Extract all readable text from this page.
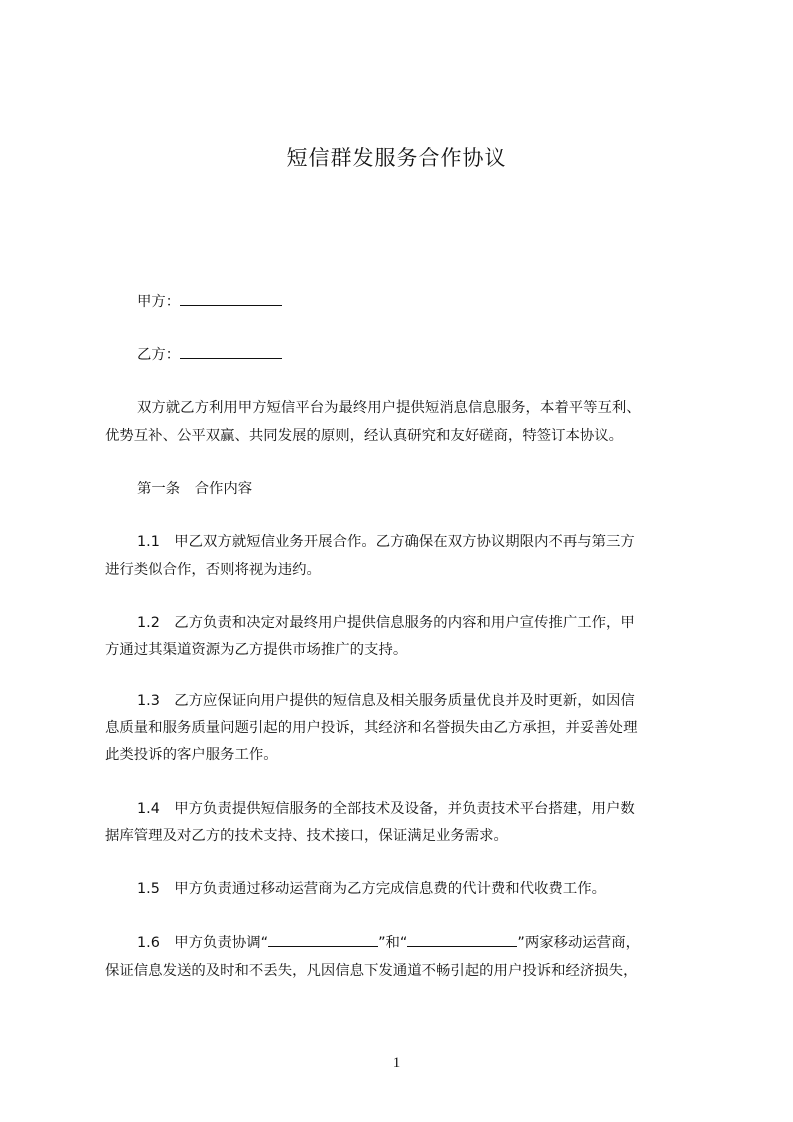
短信群发服务合作协议
甲方：
乙方：
双方就乙方利用甲方短信平台为最终用户提供短消息信息服务，本着平等互利、
优势互补、公平双赢、共同发展的原则，经认真研究和友好磋商，特签订本协议。
第一条　合作内容
1.1　甲乙双方就短信业务开展合作。乙方确保在双方协议期限内不再与第三方
进行类似合作，否则将视为违约。
1.2　乙方负责和决定对最终用户提供信息服务的内容和用户宣传推广工作，甲
方通过其渠道资源为乙方提供市场推广的支持。
1.3　乙方应保证向用户提供的短信息及相关服务质量优良并及时更新，如因信
息质量和服务质量问题引起的用户投诉，其经济和名誉损失由乙方承担，并妥善处理
此类投诉的客户服务工作。
1.4　甲方负责提供短信服务的全部技术及设备，并负责技术平台搭建，用户数
据库管理及对乙方的技术支持、技术接口，保证满足业务需求。
1.5　甲方负责通过移动运营商为乙方完成信息费的代计费和代收费工作。
1.6　甲方负责协调“	”和“	”两家移动运营商，
保证信息发送的及时和不丢失，凡因信息下发通道不畅引起的用户投诉和经济损失，
1
